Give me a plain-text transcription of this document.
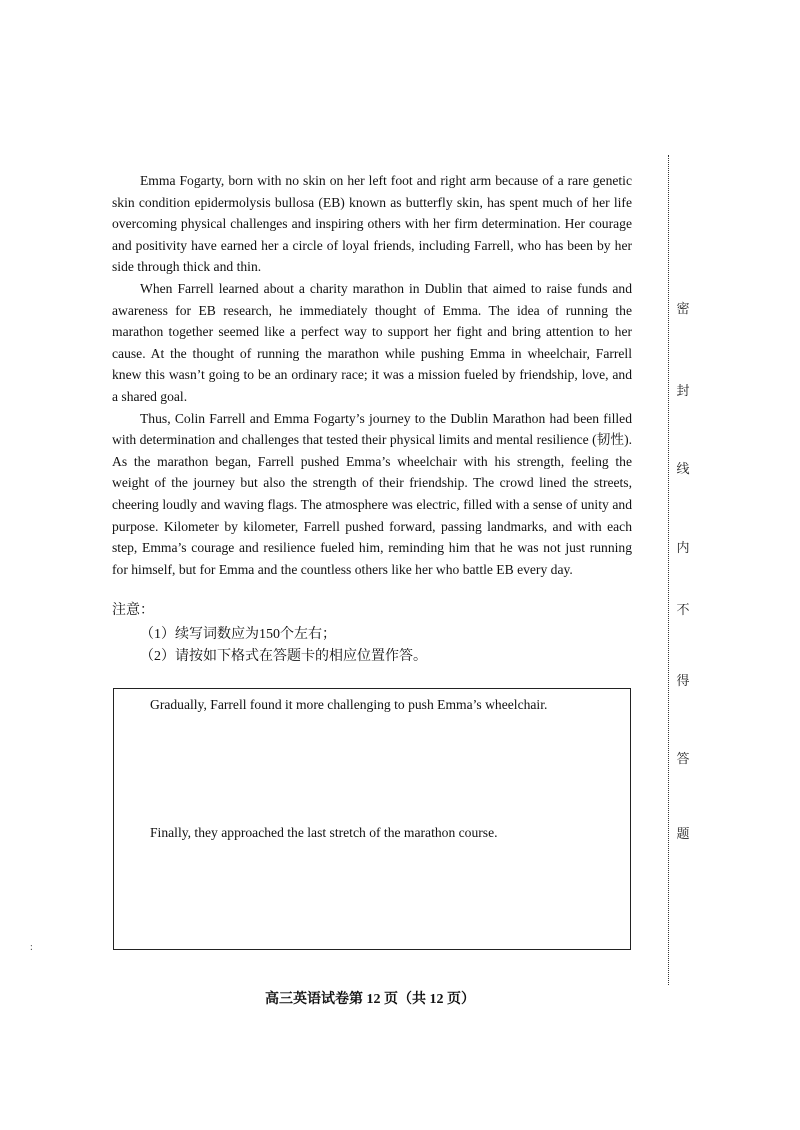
Emma Fogarty, born with no skin on her left foot and right arm because of a rare genetic skin condition epidermolysis bullosa (EB) known as butterfly skin, has spent much of her life overcoming physical challenges and inspiring others with her firm determination. Her courage and positivity have earned her a circle of loyal friends, including Farrell, who has been by her side through thick and thin.

When Farrell learned about a charity marathon in Dublin that aimed to raise funds and awareness for EB research, he immediately thought of Emma. The idea of running the marathon together seemed like a perfect way to support her fight and bring attention to her cause. At the thought of running the marathon while pushing Emma in wheelchair, Farrell knew this wasn’t going to be an ordinary race; it was a mission fueled by friendship, love, and a shared goal.

Thus, Colin Farrell and Emma Fogarty’s journey to the Dublin Marathon had been filled with determination and challenges that tested their physical limits and mental resilience (韧性). As the marathon began, Farrell pushed Emma’s wheelchair with his strength, feeling the weight of the journey but also the strength of their friendship. The crowd lined the streets, cheering loudly and waving flags. The atmosphere was electric, filled with a sense of unity and purpose. Kilometer by kilometer, Farrell pushed forward, passing landmarks, and with each step, Emma’s courage and resilience fueled him, reminding him that he was not just running for himself, but for Emma and the countless others like her who battle EB every day.

注意：
（1）续写词数应为150个左右；
（2）请按如下格式在答题卡的相应位置作答。
Gradually, Farrell found it more challenging to push Emma’s wheelchair.
Finally, they approached the last stretch of the marathon course.
高三英语试卷第 12 页（共 12 页）
密
封
线
内
不
得
答
题
:
